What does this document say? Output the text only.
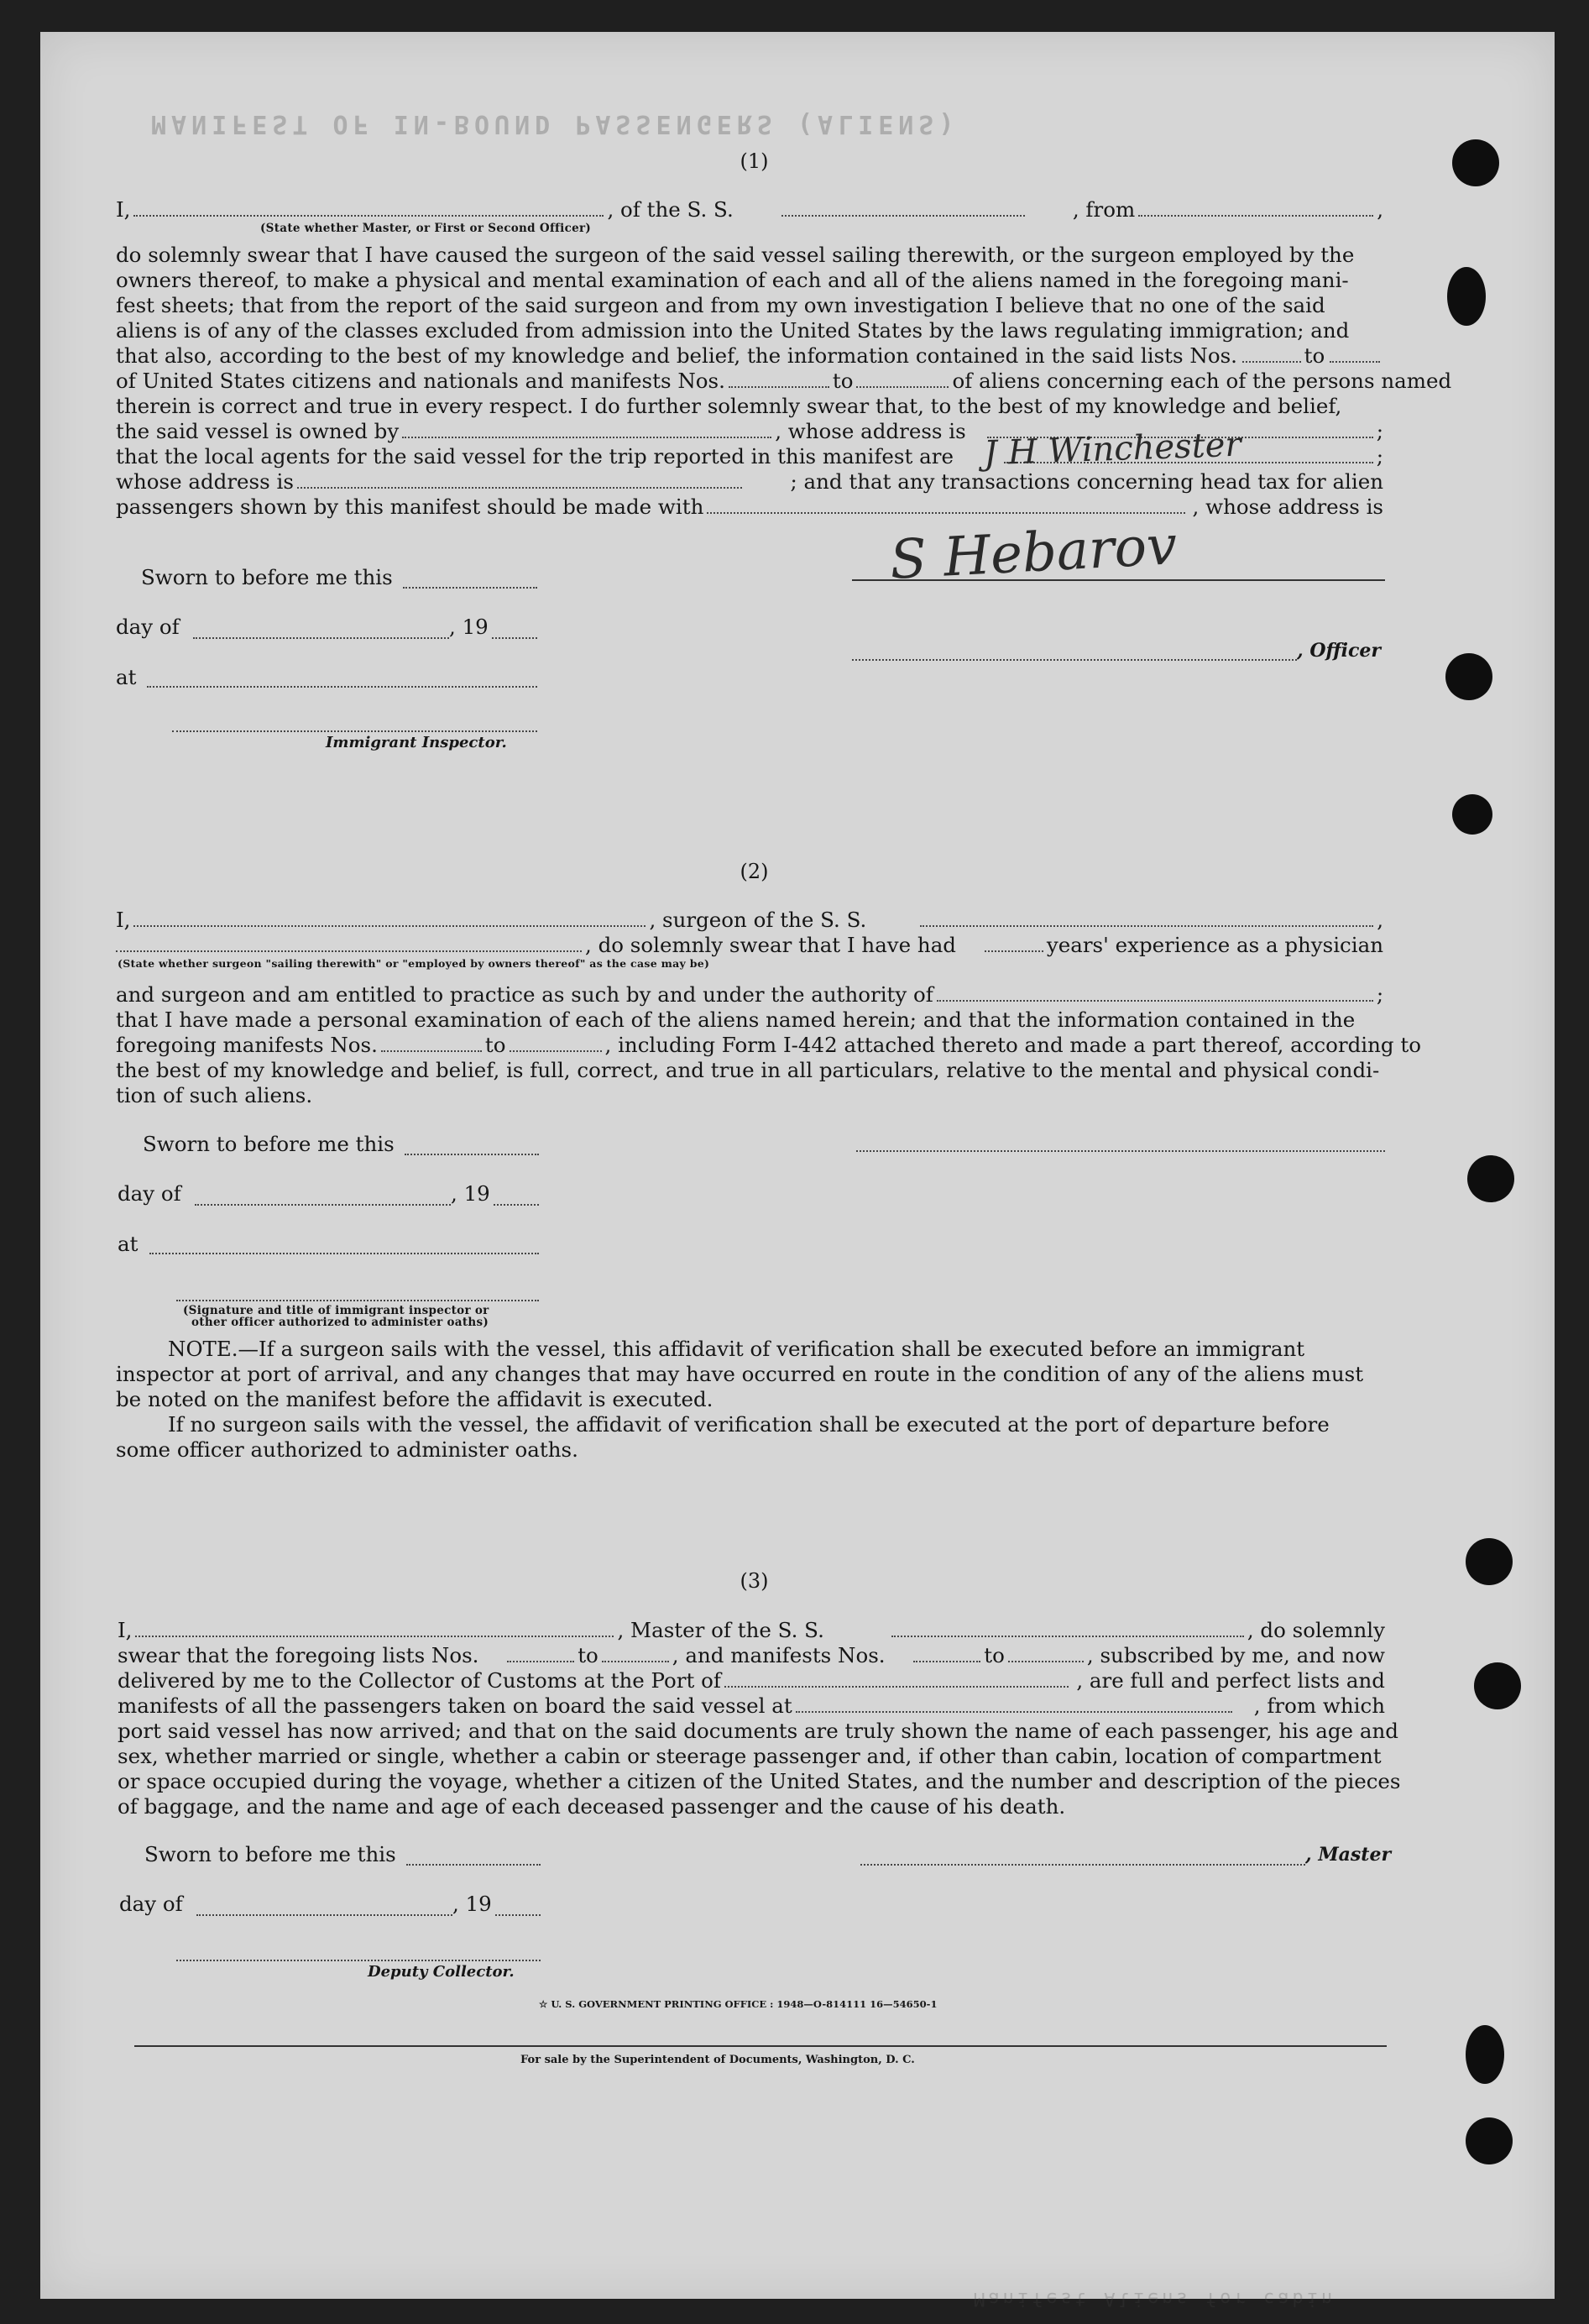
MANIFEST OF IN-BOUND PASSENGERS (ALIENS)
Manifest Aliens for cabin
(1)
I,	, of the S. S.	, from	,
(State whether Master, or First or Second Officer)
do solemnly swear that I have caused the surgeon of the said vessel sailing therewith, or the surgeon employed by the
owners thereof, to make a physical and mental examination of each and all of the aliens named in the foregoing mani-
fest sheets; that from the report of the said surgeon and from my own investigation I believe that no one of the said
aliens is of any of the classes excluded from admission into the United States by the laws regulating immigration; and
that also, according to the best of my knowledge and belief, the information contained in the said lists Nos.	to
of United States citizens and nationals and manifests Nos.	to	of aliens concerning each of the persons named
therein is correct and true in every respect. I do further solemnly swear that, to the best of my knowledge and belief,
the said vessel is owned by	, whose address is	;
that the local agents for the said vessel for the trip reported in this manifest are	;
J H Winchester
whose address is	; and that any transactions concerning head tax for alien
passengers shown by this manifest should be made with	, whose address is
Sworn to before me this
day of	, 19
at
Immigrant Inspector.
S Hebarov
, Officer
(2)
I,	, surgeon of the S. S.	,
, do solemnly swear that I have had	years' experience as a physician
(State whether surgeon "sailing therewith" or "employed by owners thereof" as the case may be)
and surgeon and am entitled to practice as such by and under the authority of	;
that I have made a personal examination of each of the aliens named herein; and that the information contained in the
foregoing manifests Nos.	to	, including Form I-442 attached thereto and made a part thereof, according to
the best of my knowledge and belief, is full, correct, and true in all particulars, relative to the mental and physical condi-
tion of such aliens.
Sworn to before me this
day of	, 19
at
(Signature and title of immigrant inspector or
other officer authorized to administer oaths)
NOTE.—If a surgeon sails with the vessel, this affidavit of verification shall be executed before an immigrant
inspector at port of arrival, and any changes that may have occurred en route in the condition of any of the aliens must
be noted on the manifest before the affidavit is executed.
If no surgeon sails with the vessel, the affidavit of verification shall be executed at the port of departure before
some officer authorized to administer oaths.
(3)
I,	, Master of the S. S.	, do solemnly
swear that the foregoing lists Nos.	to	, and manifests Nos.	to	, subscribed by me, and now
delivered by me to the Collector of Customs at the Port of	, are full and perfect lists and
manifests of all the passengers taken on board the said vessel at	, from which
port said vessel has now arrived; and that on the said documents are truly shown the name of each passenger, his age and
sex, whether married or single, whether a cabin or steerage passenger and, if other than cabin, location of compartment
or space occupied during the voyage, whether a citizen of the United States, and the number and description of the pieces
of baggage, and the name and age of each deceased passenger and the cause of his death.
Sworn to before me this	, Master
day of	, 19
Deputy Collector.
☆ U. S. GOVERNMENT PRINTING OFFICE : 1948—O-814111 16—54650-1
For sale by the Superintendent of Documents, Washington, D. C.
